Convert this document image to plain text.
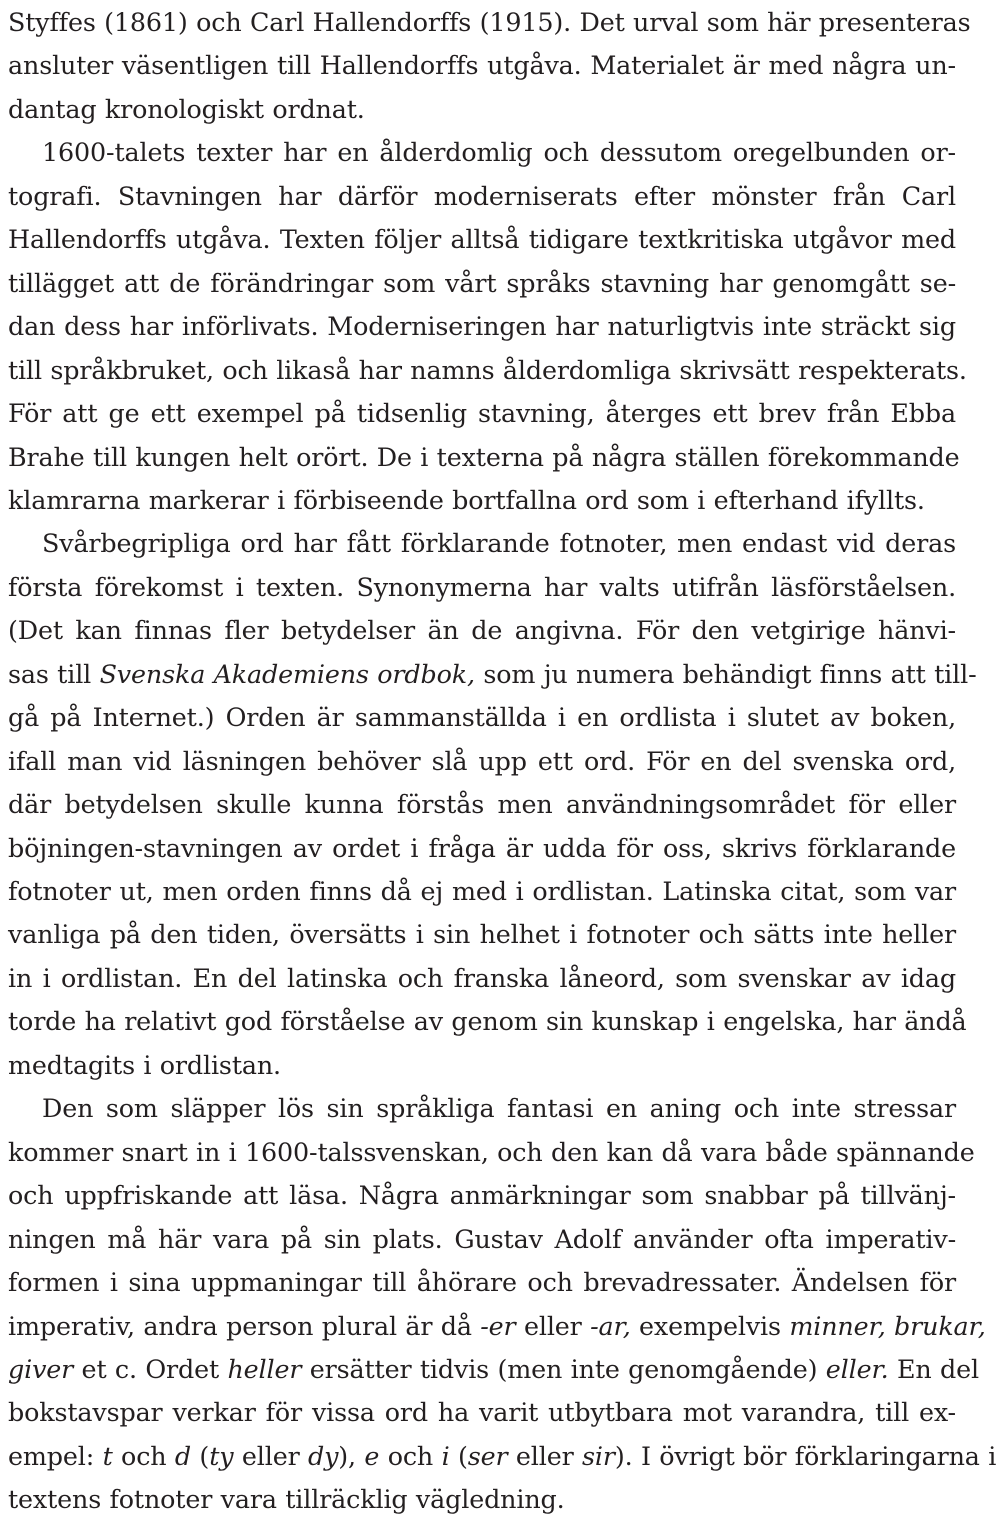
Styffes (1861) och Carl Hallendorffs (1915). Det urval som här presenteras
ansluter väsentligen till Hallendorffs utgåva. Materialet är med några un-
dantag kronologiskt ordnat.
1600-talets texter har en ålderdomlig och dessutom oregelbunden or-
tografi. Stavningen har därför moderniserats efter mönster från Carl
Hallendorffs utgåva. Texten följer alltså tidigare textkritiska utgåvor med
tillägget att de förändringar som vårt språks stavning har genomgått se-
dan dess har införlivats. Moderniseringen har naturligtvis inte sträckt sig
till språkbruket, och likaså har namns ålderdomliga skrivsätt respekterats.
För att ge ett exempel på tidsenlig stavning, återges ett brev från Ebba
Brahe till kungen helt orört. De i texterna på några ställen förekommande
klamrarna markerar i förbiseende bortfallna ord som i efterhand ifyllts.
Svårbegripliga ord har fått förklarande fotnoter, men endast vid deras
första förekomst i texten. Synonymerna har valts utifrån läsförståelsen.
(Det kan finnas fler betydelser än de angivna. För den vetgirige hänvi-
sas till Svenska Akademiens ordbok, som ju numera behändigt finns att till-
gå på Internet.) Orden är sammanställda i en ordlista i slutet av boken,
ifall man vid läsningen behöver slå upp ett ord. För en del svenska ord,
där betydelsen skulle kunna förstås men användningsområdet för eller
böjningen-stavningen av ordet i fråga är udda för oss, skrivs förklarande
fotnoter ut, men orden finns då ej med i ordlistan. Latinska citat, som var
vanliga på den tiden, översätts i sin helhet i fotnoter och sätts inte heller
in i ordlistan. En del latinska och franska låneord, som svenskar av idag
torde ha relativt god förståelse av genom sin kunskap i engelska, har ändå
medtagits i ordlistan.
Den som släpper lös sin språkliga fantasi en aning och inte stressar
kommer snart in i 1600-talssvenskan, och den kan då vara både spännande
och uppfriskande att läsa. Några anmärkningar som snabbar på tillvänj-
ningen må här vara på sin plats. Gustav Adolf använder ofta imperativ-
formen i sina uppmaningar till åhörare och brevadressater. Ändelsen för
imperativ, andra person plural är då -er eller -ar, exempelvis minner, brukar,
giver et c. Ordet heller ersätter tidvis (men inte genomgående) eller. En del
bokstavspar verkar för vissa ord ha varit utbytbara mot varandra, till ex-
empel: t och d (ty eller dy), e och i (ser eller sir). I övrigt bör förklaringarna i
textens fotnoter vara tillräcklig vägledning.
